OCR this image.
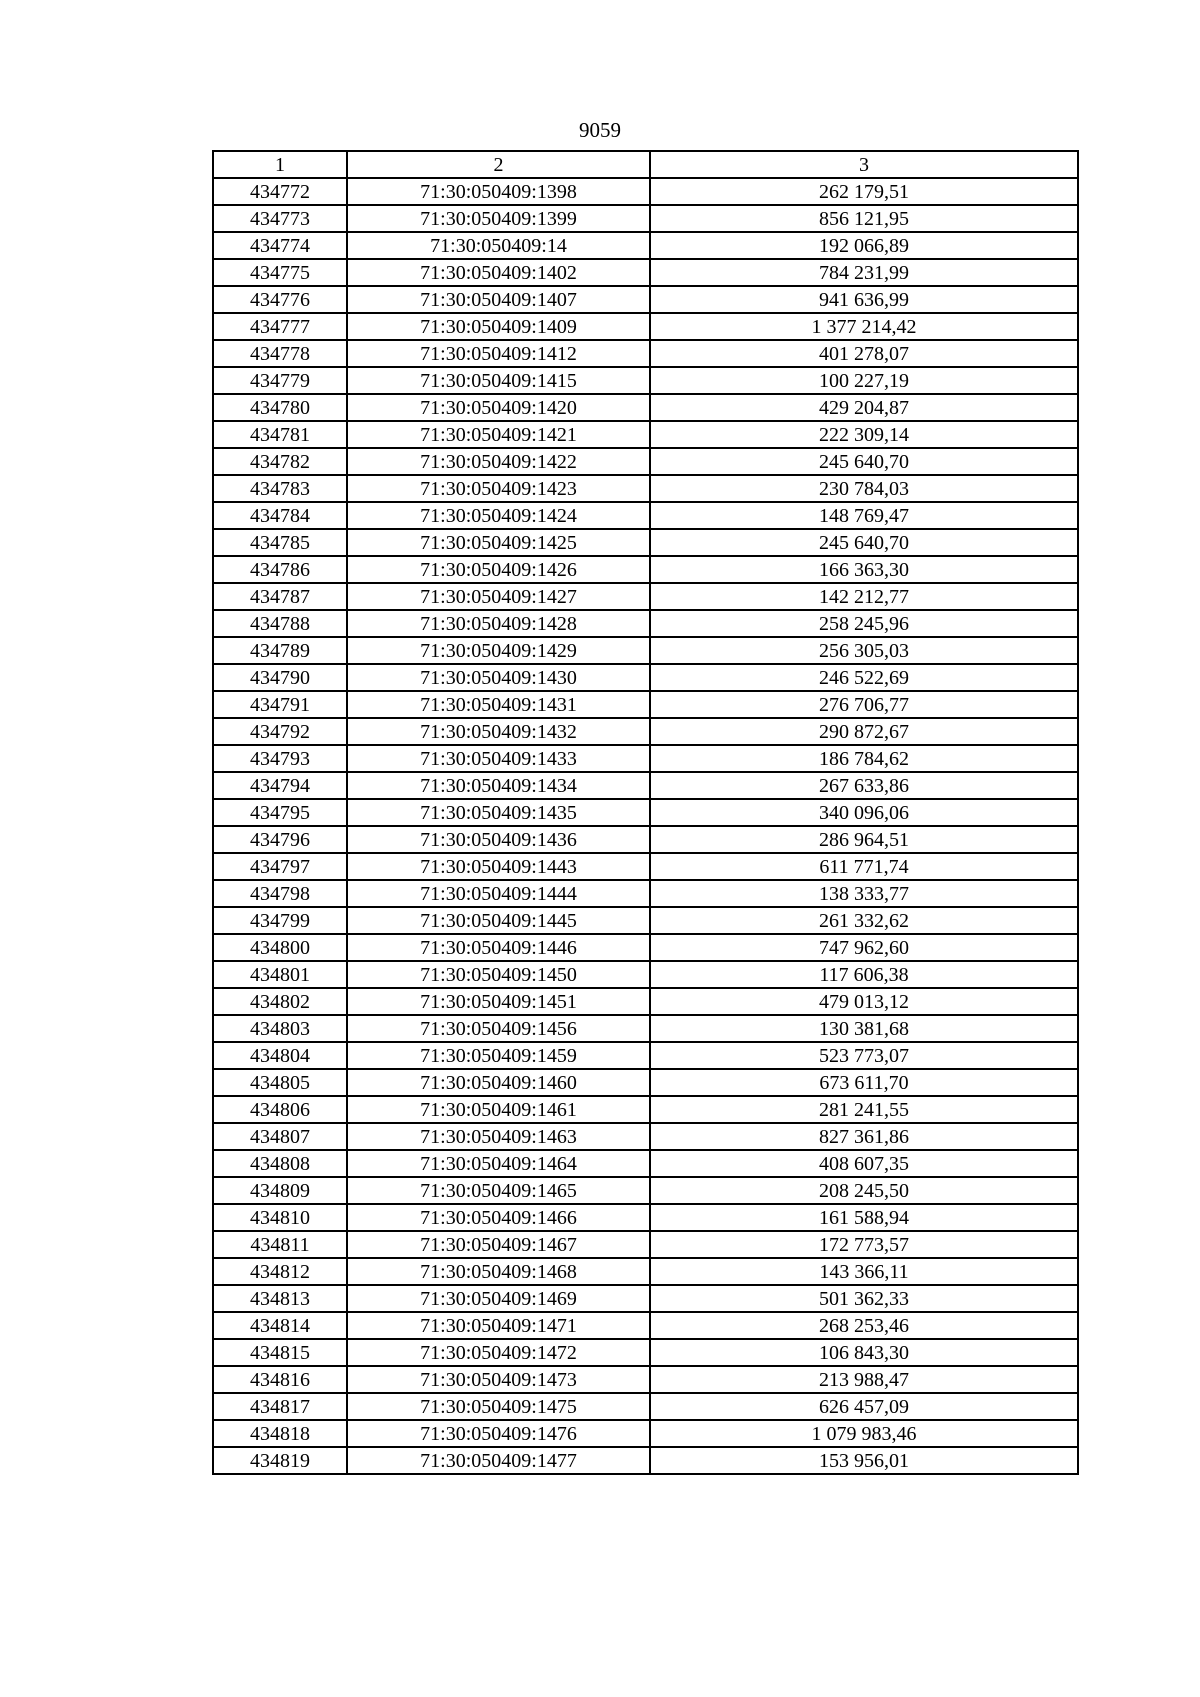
9059
1	2	3
434772	71:30:050409:1398	262 179,51
434773	71:30:050409:1399	856 121,95
434774	71:30:050409:14	192 066,89
434775	71:30:050409:1402	784 231,99
434776	71:30:050409:1407	941 636,99
434777	71:30:050409:1409	1 377 214,42
434778	71:30:050409:1412	401 278,07
434779	71:30:050409:1415	100 227,19
434780	71:30:050409:1420	429 204,87
434781	71:30:050409:1421	222 309,14
434782	71:30:050409:1422	245 640,70
434783	71:30:050409:1423	230 784,03
434784	71:30:050409:1424	148 769,47
434785	71:30:050409:1425	245 640,70
434786	71:30:050409:1426	166 363,30
434787	71:30:050409:1427	142 212,77
434788	71:30:050409:1428	258 245,96
434789	71:30:050409:1429	256 305,03
434790	71:30:050409:1430	246 522,69
434791	71:30:050409:1431	276 706,77
434792	71:30:050409:1432	290 872,67
434793	71:30:050409:1433	186 784,62
434794	71:30:050409:1434	267 633,86
434795	71:30:050409:1435	340 096,06
434796	71:30:050409:1436	286 964,51
434797	71:30:050409:1443	611 771,74
434798	71:30:050409:1444	138 333,77
434799	71:30:050409:1445	261 332,62
434800	71:30:050409:1446	747 962,60
434801	71:30:050409:1450	117 606,38
434802	71:30:050409:1451	479 013,12
434803	71:30:050409:1456	130 381,68
434804	71:30:050409:1459	523 773,07
434805	71:30:050409:1460	673 611,70
434806	71:30:050409:1461	281 241,55
434807	71:30:050409:1463	827 361,86
434808	71:30:050409:1464	408 607,35
434809	71:30:050409:1465	208 245,50
434810	71:30:050409:1466	161 588,94
434811	71:30:050409:1467	172 773,57
434812	71:30:050409:1468	143 366,11
434813	71:30:050409:1469	501 362,33
434814	71:30:050409:1471	268 253,46
434815	71:30:050409:1472	106 843,30
434816	71:30:050409:1473	213 988,47
434817	71:30:050409:1475	626 457,09
434818	71:30:050409:1476	1 079 983,46
434819	71:30:050409:1477	153 956,01
